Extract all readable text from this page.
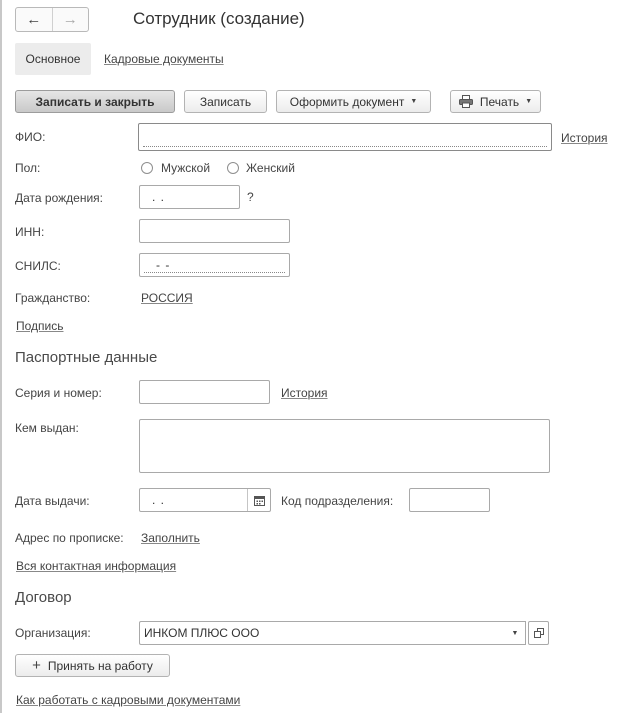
← →	Сотрудник (создание)
Основное	Кадровые документы
Записать и закрыть	Записать	Оформить документ ▼	Печать ▼
ФИО:	История
Пол:	Мужской	Женский
Дата рождения:	. .	?
ИНН:
СНИЛС:	- -
Гражданство:	РОССИЯ
Подпись
Паспортные данные
Серия и номер:	История
Кем выдан:
Дата выдачи:	. .	Код подразделения:
Адрес по прописке: Заполнить
Вся контактная информация
Договор
Организация:	ИНКОМ ПЛЮС ООО	▼
+ Принять на работу
Как работать с кадровыми документами
